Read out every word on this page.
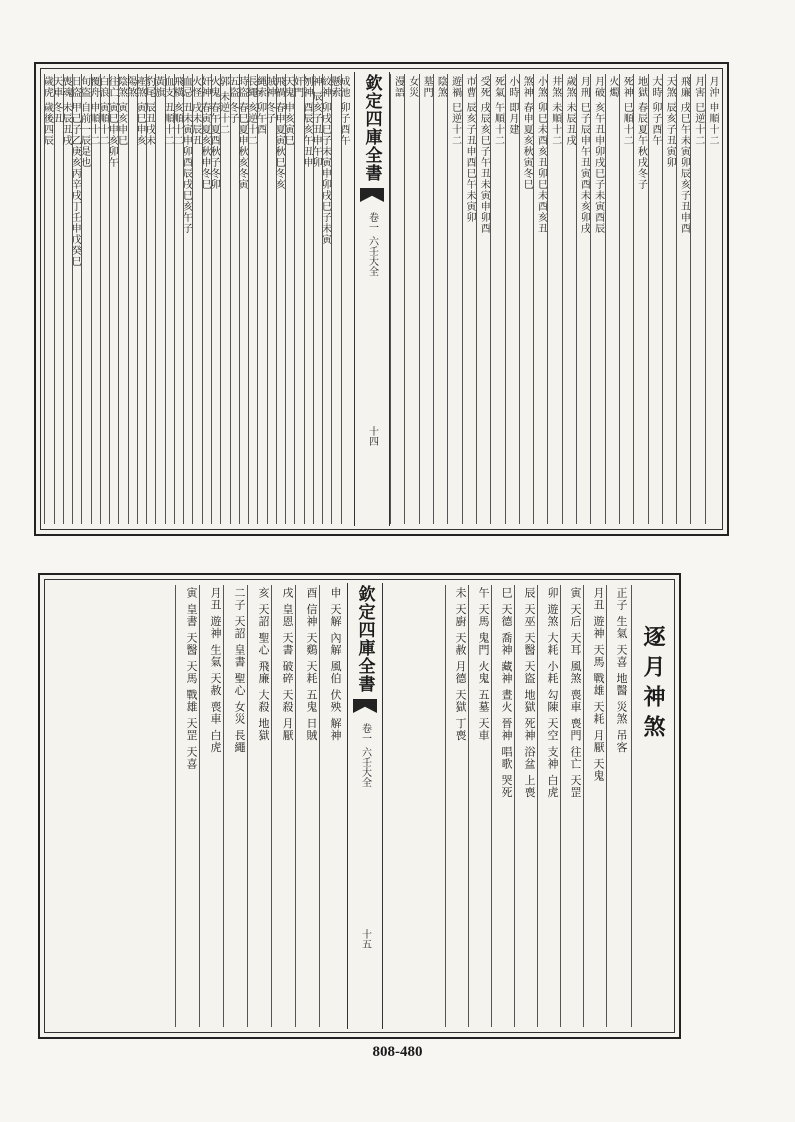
月沖 申順十二
月害 巳逆十二
飛廉 戌巳午未寅卯辰亥子丑申酉
天煞 辰亥子丑寅卯
大時 卯子酉午
地獄 春辰夏午秋戌冬子
死神 巳順十二
火燭
月破 亥午丑申卯戌巳子未寅酉辰
月刑 巳子辰申午丑寅酉未亥卯戌
歲煞 未辰丑戌
井煞 未順十二
小煞 卯巳未酉亥丑卯巳未酉亥丑
煞神 春申夏亥秋寅冬巳
小時 即月建
死氣 午順十二
受死 戌辰亥巳子午丑未寅申卯酉
市曹 辰亥子丑申酉巳午未寅卯
遊禍 巳逆十二
陰煞
墓門
女災
漫語
欽定四庫全書
卷一
六壬大全
十四
成池 卯子酉午
懸索
絞神 卯戌巳子未寅申卯戌巳子未寅
神 辰亥子丑申午卯
刎神 酉辰亥午丑申
奸門
天鬼 申亥寅巳
飛禍 春申夏寅秋巳冬亥
賊神 冬子
縄索 卯午酉
長繩 亥逆十二
時盜 春巳夏申秋亥冬寅
五盜 冬子
郭 未逆十二
火鬼 春午夏酉秋子冬卯
奸神 春寅夏亥秋申冬巳
火怪 戌未辰丑
血忌 丑未寅申卯酉辰戌巳亥午子
飛橫 亥順十二
血支 丑順十二
黃旗
豹尾 辰丑戌未
產煞 寅巳申亥
陽煞
陰煞 寅亥申巳
往亡 寅巳申亥卯午
白浪 寅順十二
覆舟 申順十二
旬盜 自前一辰是也
日盜 甲己子乙庚亥丙辛戌丁壬申戊癸巳
喪魂 未辰丑戌
天車 冬丑
歲虎 歲後四辰
逐月神煞
正子 生氣 天喜 地醫 災煞 吊客
月丑 遊神 天馬 戰雄 天耗 月厭 天鬼
寅 天后 天耳 風煞 喪車 喪門 往亡 天罡
卯 遊煞 大耗 小耗 勾陳 天空 支神 白虎
辰 天巫 天醫 天盜 地獄 死神 浴盆 上喪
巳 天德 喬神 藏神 晝火 晉神 唱歌 哭死
午 天馬 鬼門 火鬼 五墓 天車
未 天廚 天赦 月德 天獄 丁喪
欽定四庫全書
卷一
六壬大全
十五
申 天解 內解 風伯 伏殃 解神
酉 信神 天鷄 天耗 五鬼 日賊
戌 皇恩 天書 破碎 天殺 月厭
亥 天詔 聖心 飛廉 大殺 地獄
二子 天詔 皇書 聖心 女災 長繩
月丑 遊神 生氣 天赦 喪車 白虎
寅 皇書 天醫 天馬 戰雄 天罡 天喜
808-480
